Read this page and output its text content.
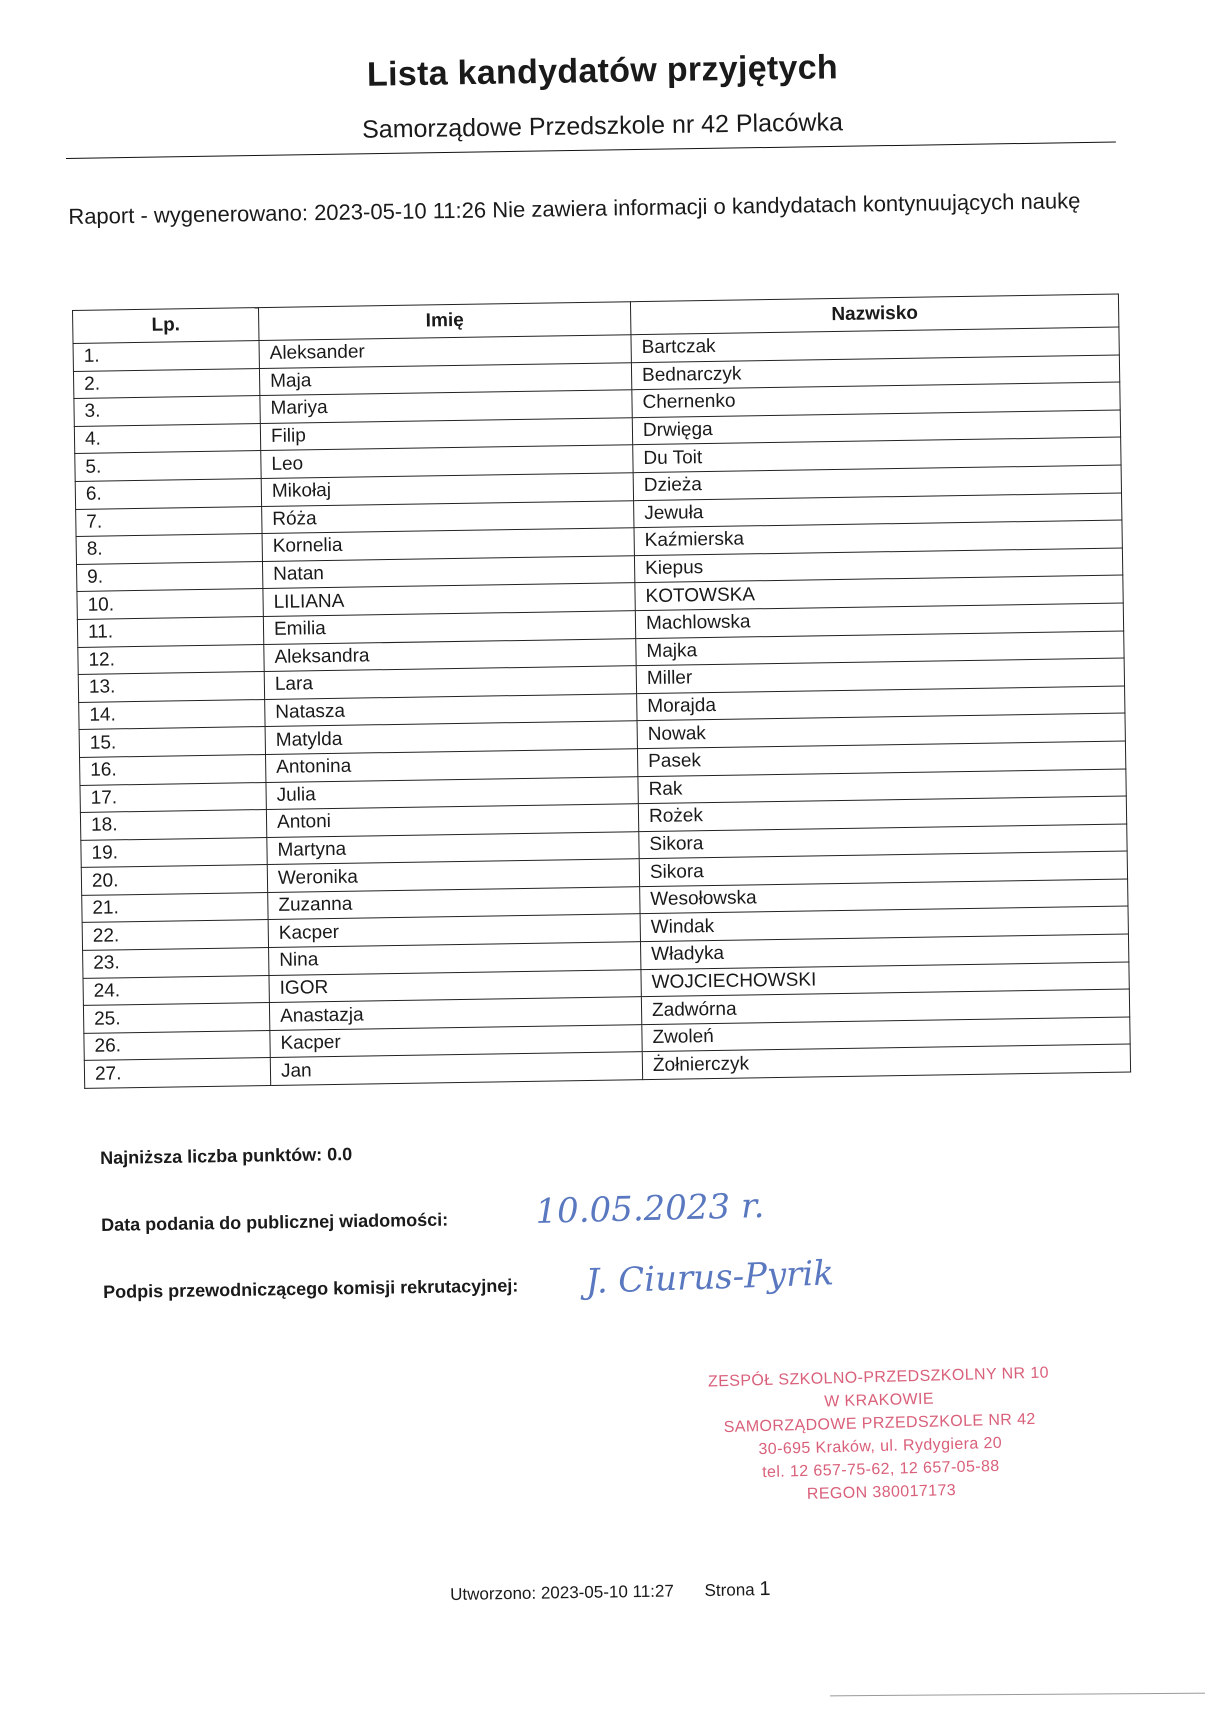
Lista kandydatów przyjętych
Samorządowe Przedszkole nr 42 Placówka
Raport - wygenerowano: 2023-05-10 11:26 Nie zawiera informacji o kandydatach kontynuujących naukę
Lp.	Imię	Nazwisko
1.	Aleksander	Bartczak
2.	Maja	Bednarczyk
3.	Mariya	Chernenko
4.	Filip	Drwięga
5.	Leo	Du Toit
6.	Mikołaj	Dzieża
7.	Róża	Jewuła
8.	Kornelia	Kaźmierska
9.	Natan	Kiepus
10.	LILIANA	KOTOWSKA
11.	Emilia	Machlowska
12.	Aleksandra	Majka
13.	Lara	Miller
14.	Natasza	Morajda
15.	Matylda	Nowak
16.	Antonina	Pasek
17.	Julia	Rak
18.	Antoni	Rożek
19.	Martyna	Sikora
20.	Weronika	Sikora
21.	Zuzanna	Wesołowska
22.	Kacper	Windak
23.	Nina	Władyka
24.	IGOR	WOJCIECHOWSKI
25.	Anastazja	Zadwórna
26.	Kacper	Zwoleń
27.	Jan	Żołnierczyk
Najniższa liczba punktów: 0.0
Data podania do publicznej wiadomości:	10.05.2023 r.
Podpis przewodniczącego komisji rekrutacyjnej: J. Ciurus-Pyrik
ZESPÓŁ SZKOLNO-PRZEDSZKOLNY NR 10
W KRAKOWIE
SAMORZĄDOWE PRZEDSZKOLE NR 42
30-695 Kraków, ul. Rydygiera 20
tel. 12 657-75-62, 12 657-05-88
REGON 380017173
Utworzono: 2023-05-10 11:27 Strona 1
